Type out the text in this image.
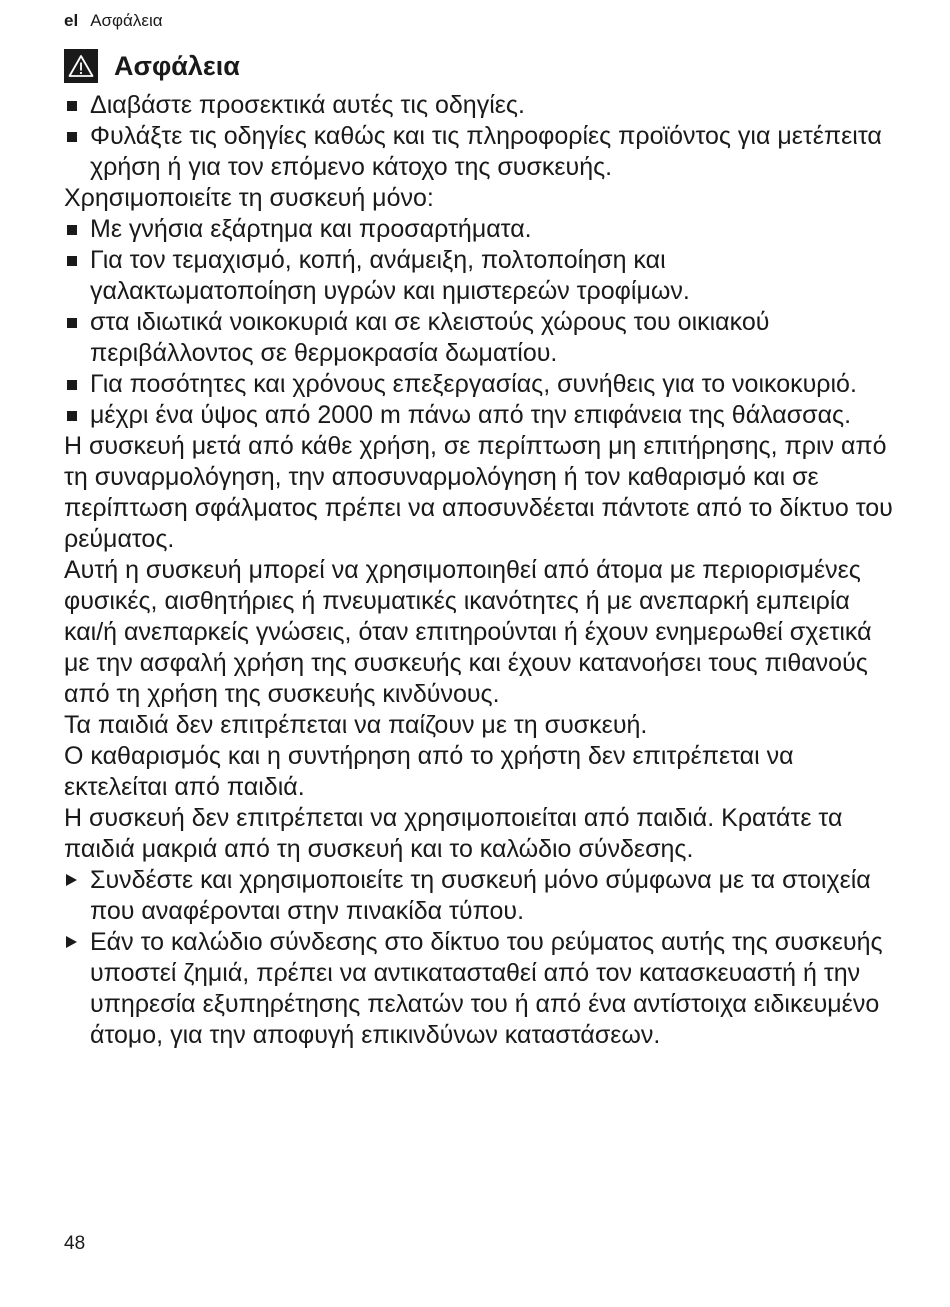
el Ασφάλεια
Ασφάλεια
Διαβάστε προσεκτικά αυτές τις οδηγίες.
Φυλάξτε τις οδηγίες καθώς και τις πληροφορίες προϊόντος για μετέπειτα χρήση ή για τον επόμενο κάτοχο της συσκευής.

Χρησιμοποιείτε τη συσκευή μόνο:

Με γνήσια εξάρτημα και προσαρτήματα.
Για τον τεμαχισμό, κοπή, ανάμειξη, πολτοποίηση και γαλακτωματοποίηση υγρών και ημιστερεών τροφίμων.
στα ιδιωτικά νοικοκυριά και σε κλειστούς χώρους του οικιακού περιβάλλοντος σε θερμοκρασία δωματίου.
Για ποσότητες και χρόνους επεξεργασίας, συνήθεις για το νοικοκυριό.
μέχρι ένα ύψος από 2000 m πάνω από την επιφάνεια της θάλασσας.

Η συσκευή μετά από κάθε χρήση, σε περίπτωση μη επιτήρησης, πριν από τη συναρμολόγηση, την αποσυναρμολόγηση ή τον καθαρισμό και σε περίπτωση σφάλματος πρέπει να αποσυνδέεται πάντοτε από το δίκτυο του ρεύματος.

Αυτή η συσκευή μπορεί να χρησιμοποιηθεί από άτομα με περιορισμένες φυσικές, αισθητήριες ή πνευματικές ικανότητες ή με ανεπαρκή εμπειρία και/ή ανεπαρκείς γνώσεις, όταν επιτηρούνται ή έχουν ενημερωθεί σχετικά με την ασφαλή χρήση της συσκευής και έχουν κατανοήσει τους πιθανούς από τη χρήση της συσκευής κινδύνους.

Τα παιδιά δεν επιτρέπεται να παίζουν με τη συσκευή.

Ο καθαρισμός και η συντήρηση από το χρήστη δεν επιτρέπεται να εκτελείται από παιδιά.

Η συσκευή δεν επιτρέπεται να χρησιμοποιείται από παιδιά. Κρατάτε τα παιδιά μακριά από τη συσκευή και το καλώδιο σύνδεσης.

Συνδέστε και χρησιμοποιείτε τη συσκευή μόνο σύμφωνα με τα στοιχεία που αναφέρονται στην πινακίδα τύπου.
Εάν το καλώδιο σύνδεσης στο δίκτυο του ρεύματος αυτής της συσκευής υποστεί ζημιά, πρέπει να αντικατασταθεί από τον κατασκευαστή ή την υπηρεσία εξυπηρέτησης πελατών του ή από ένα αντίστοιχα ειδικευμένο άτομο, για την αποφυγή επικινδύνων καταστάσεων.
48
